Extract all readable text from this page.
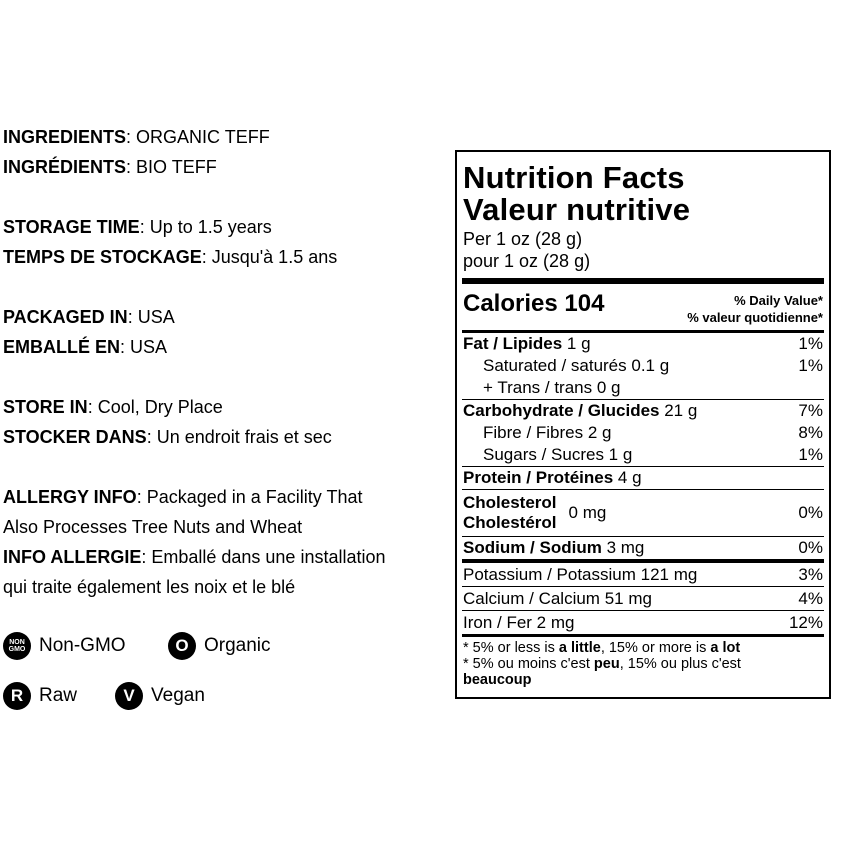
INGREDIENTS: ORGANIC TEFF
INGRÉDIENTS: BIO TEFF
STORAGE TIME: Up to 1.5 years
TEMPS DE STOCKAGE: Jusqu'à 1.5 ans
PACKAGED IN: USA
EMBALLÉ EN: USA
STORE IN: Cool, Dry Place
STOCKER DANS: Un endroit frais et sec
ALLERGY INFO: Packaged in a Facility That
Also Processes Tree Nuts and Wheat
INFO ALLERGIE: Emballé dans une installation
qui traite également les noix et le blé
NON
GMO Non-GMO	O Organic
R Raw	V Vegan
Nutrition Facts
Valeur nutritive
Per 1 oz (28 g)
pour 1 oz (28 g)
Calories 104	% Daily Value*
% valeur quotidienne*
Fat / Lipides 1 g	1%
Saturated / saturés 0.1 g	1%
+ Trans / trans 0 g
Carbohydrate / Glucides 21 g	7%
Fibre / Fibres 2 g	8%
Sugars / Sucres 1 g	1%
Protein / Protéines 4 g
Cholesterol
Cholestérol
0 mg	0%
Sodium / Sodium 3 mg	0%
Potassium / Potassium 121 mg	3%
Calcium / Calcium 51 mg	4%
Iron / Fer 2 mg	12%
* 5% or less is a little, 15% or more is a lot
* 5% ou moins c'est peu, 15% ou plus c'est
beaucoup
